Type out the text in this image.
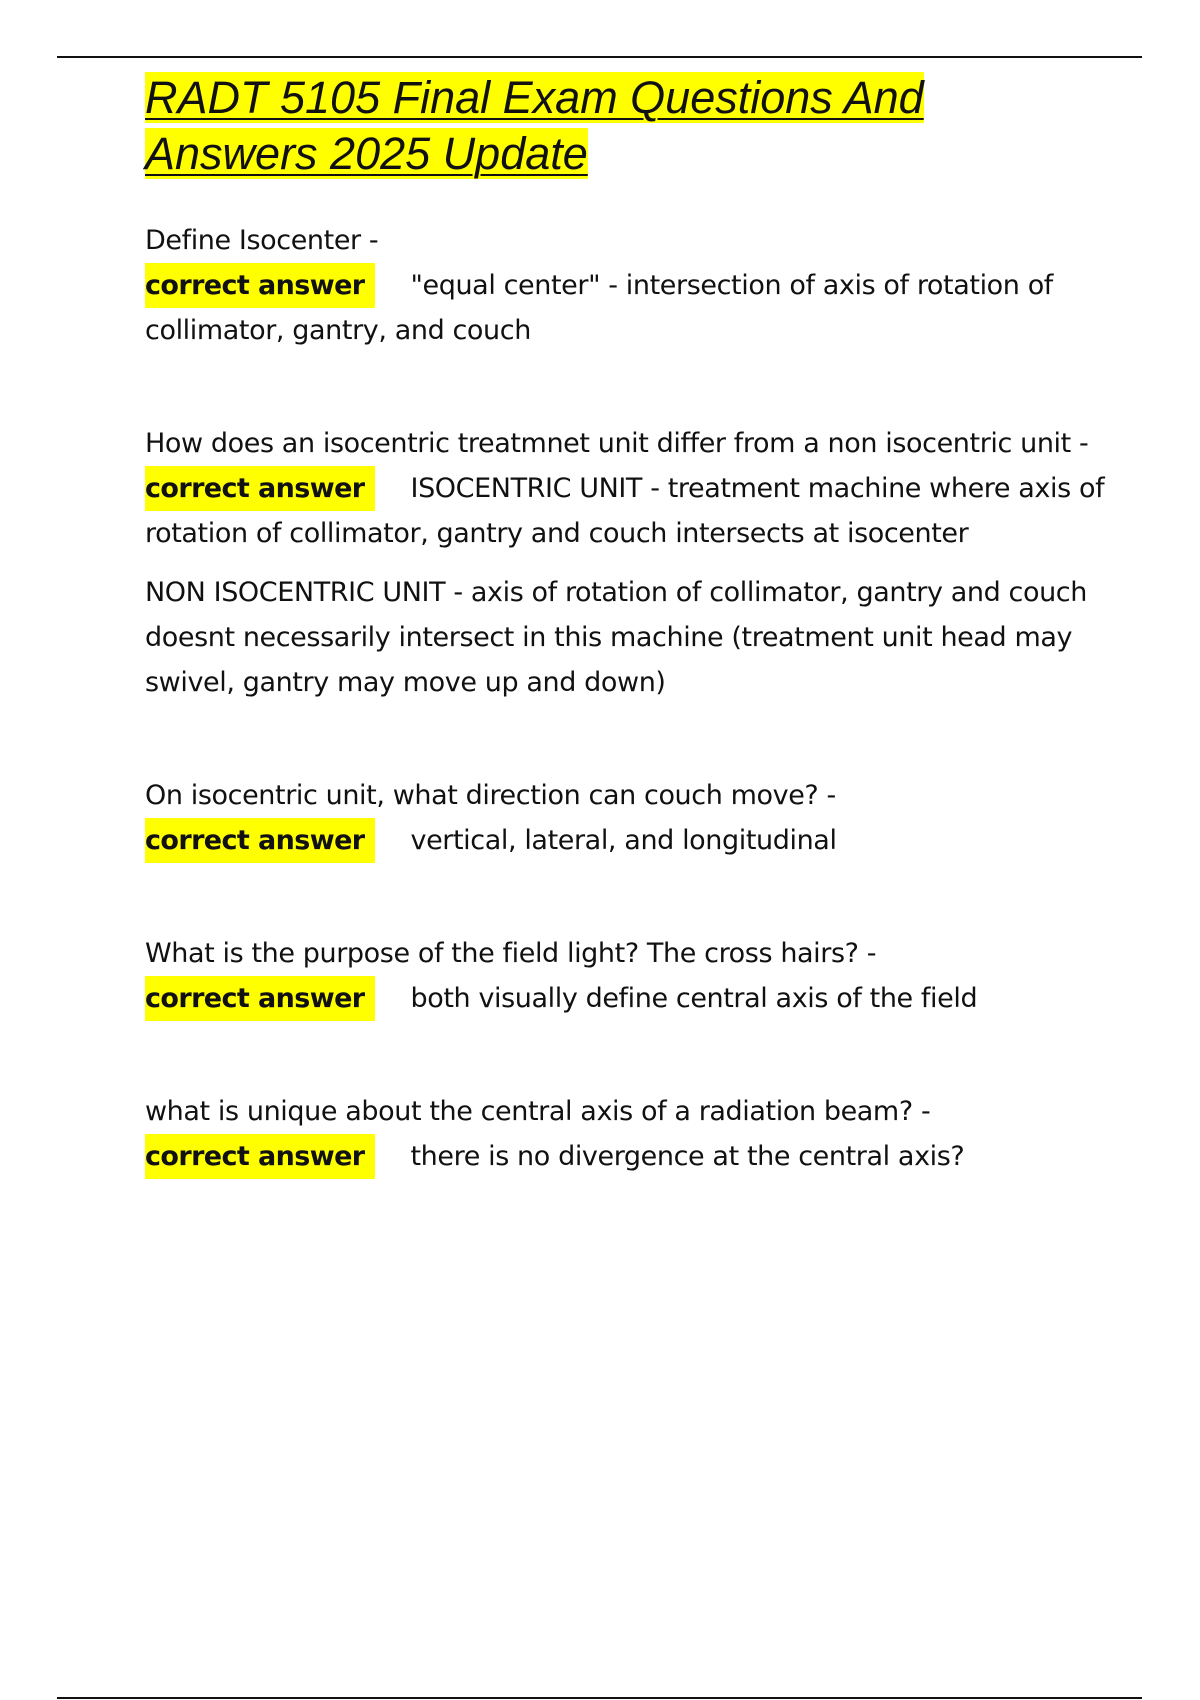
RADT 5105 Final Exam Questions And Answers 2025 Update

Define Isocenter -

correct answer "equal center" - intersection of axis of rotation of collimator, gantry, and couch

How does an isocentric treatmnet unit differ from a non isocentric unit -

correct answer ISOCENTRIC UNIT - treatment machine where axis of rotation of collimator, gantry and couch intersects at isocenter

NON ISOCENTRIC UNIT - axis of rotation of collimator, gantry and couch doesnt necessarily intersect in this machine (treatment unit head may swivel, gantry may move up and down)

On isocentric unit, what direction can couch move? -

correct answer vertical, lateral, and longitudinal

What is the purpose of the field light? The cross hairs? -

correct answer both visually define central axis of the field

what is unique about the central axis of a radiation beam? -

correct answer there is no divergence at the central axis?
